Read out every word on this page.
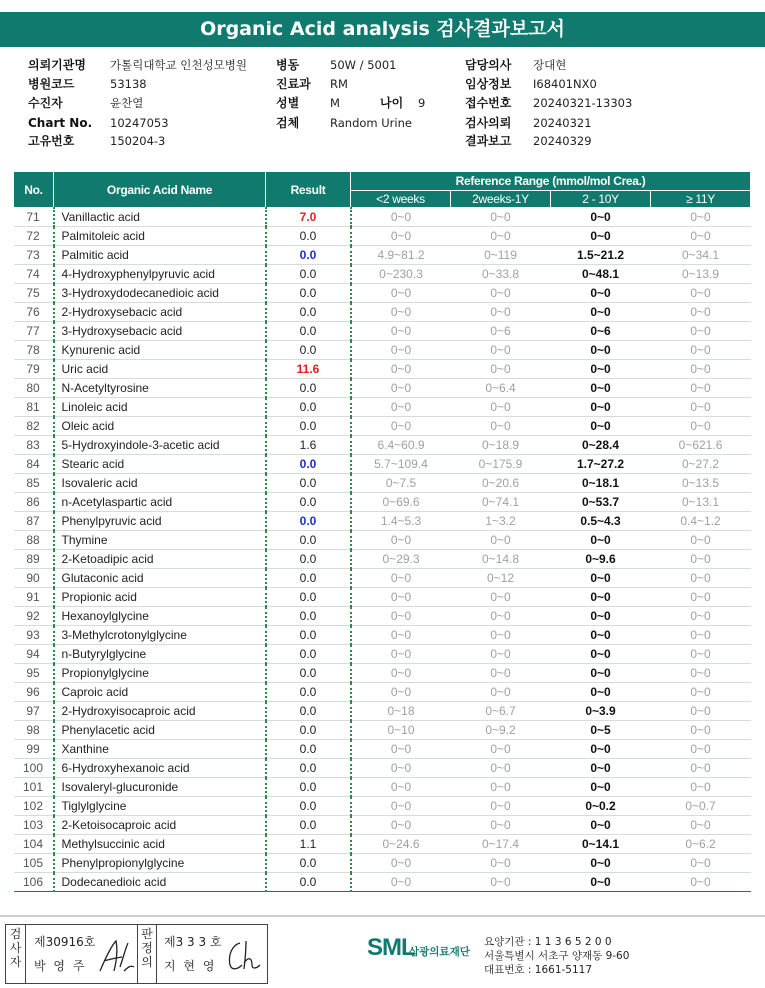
Organic Acid analysis 검사결과보고서
의뢰기관명 가톨릭대학교 인천성모병원 병동	50W / 5001	담당의사 장대현
병원코드	53138	진료과 RM	임상정보 I68401NX0
수진자	윤찬열	성별	M	나이 9	접수번호 20240321-13303
Chart No. 10247053	검체	Random Urine	검사의뢰 20240321
고유번호	150204-3	결과보고 20240329
No.	Organic Acid Name	Result	Reference Range (mmol/mol Crea.)			
			<2 weeks	2weeks-1Y	2 - 10Y	≥ 11Y
71	Vanillactic acid	7.0	0~0	0~0	0~0	0~0
72	Palmitoleic acid	0.0	0~0	0~0	0~0	0~0
73	Palmitic acid	0.0	4.9~81.2	0~119	1.5~21.2	0~34.1
74	4-Hydroxyphenylpyruvic acid	0.0	0~230.3	0~33.8	0~48.1	0~13.9
75	3-Hydroxydodecanedioic acid	0.0	0~0	0~0	0~0	0~0
76	2-Hydroxysebacic acid	0.0	0~0	0~0	0~0	0~0
77	3-Hydroxysebacic acid	0.0	0~0	0~6	0~6	0~0
78	Kynurenic acid	0.0	0~0	0~0	0~0	0~0
79	Uric acid	11.6	0~0	0~0	0~0	0~0
80	N-Acetyltyrosine	0.0	0~0	0~6.4	0~0	0~0
81	Linoleic acid	0.0	0~0	0~0	0~0	0~0
82	Oleic acid	0.0	0~0	0~0	0~0	0~0
83	5-Hydroxyindole-3-acetic acid	1.6	6.4~60.9	0~18.9	0~28.4	0~621.6
84	Stearic acid	0.0	5.7~109.4	0~175.9	1.7~27.2	0~27.2
85	Isovaleric acid	0.0	0~7.5	0~20.6	0~18.1	0~13.5
86	n-Acetylaspartic acid	0.0	0~69.6	0~74.1	0~53.7	0~13.1
87	Phenylpyruvic acid	0.0	1.4~5.3	1~3.2	0.5~4.3	0.4~1.2
88	Thymine	0.0	0~0	0~0	0~0	0~0
89	2-Ketoadipic acid	0.0	0~29.3	0~14.8	0~9.6	0~0
90	Glutaconic acid	0.0	0~0	0~12	0~0	0~0
91	Propionic acid	0.0	0~0	0~0	0~0	0~0
92	Hexanoylglycine	0.0	0~0	0~0	0~0	0~0
93	3-Methylcrotonylglycine	0.0	0~0	0~0	0~0	0~0
94	n-Butyrylglycine	0.0	0~0	0~0	0~0	0~0
95	Propionylglycine	0.0	0~0	0~0	0~0	0~0
96	Caproic acid	0.0	0~0	0~0	0~0	0~0
97	2-Hydroxyisocaproic acid	0.0	0~18	0~6.7	0~3.9	0~0
98	Phenylacetic acid	0.0	0~10	0~9.2	0~5	0~0
99	Xanthine	0.0	0~0	0~0	0~0	0~0
100	6-Hydroxyhexanoic acid	0.0	0~0	0~0	0~0	0~0
101	Isovaleryl-glucuronide	0.0	0~0	0~0	0~0	0~0
102	Tiglylglycine	0.0	0~0	0~0	0~0.2	0~0.7
103	2-Ketoisocaproic acid	0.0	0~0	0~0	0~0	0~0
104	Methylsuccinic acid	1.1	0~24.6	0~17.4	0~14.1	0~6.2
105	Phenylpropionylglycine	0.0	0~0	0~0	0~0	0~0
106	Dodecanedioic acid	0.0	0~0	0~0	0~0	0~0
검
사
자
제30916호
박 영 주
판
정
의
제3 3 3 호
지 현 영
SML
삼광의료재단
요양기관 : 1 1 3 6 5 2 0 0
서울특별시 서초구 양재동 9-60
대표번호 : 1661-5117
